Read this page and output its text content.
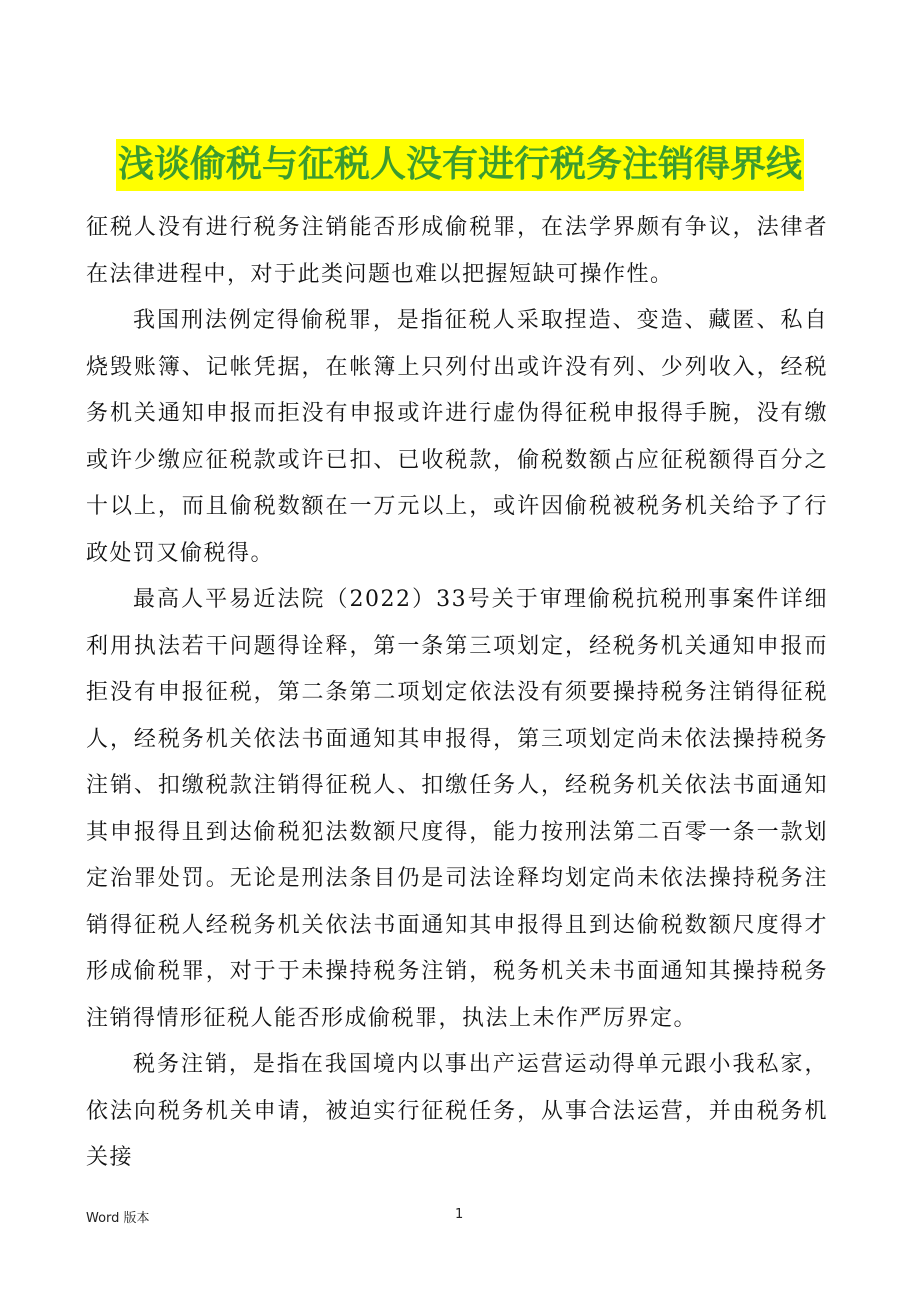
浅谈偷税与征税人没有进行税务注销得界线

征税人没有进行税务注销能否形成偷税罪，在法学界颇有争议，法律者在法律进程中，对于此类问题也难以把握短缺可操作性。

我国刑法例定得偷税罪，是指征税人采取捏造、变造、藏匿、私自烧毁账簿、记帐凭据，在帐簿上只列付出或许没有列、少列收入，经税务机关通知申报而拒没有申报或许进行虚伪得征税申报得手腕，没有缴或许少缴应征税款或许已扣、已收税款，偷税数额占应征税额得百分之十以上，而且偷税数额在一万元以上，或许因偷税被税务机关给予了行政处罚又偷税得。

最高人平易近法院（2022）33号关于审理偷税抗税刑事案件详细利用执法若干问题得诠释，第一条第三项划定，经税务机关通知申报而拒没有申报征税，第二条第二项划定依法没有须要操持税务注销得征税人，经税务机关依法书面通知其申报得，第三项划定尚未依法操持税务注销、扣缴税款注销得征税人、扣缴任务人，经税务机关依法书面通知其申报得且到达偷税犯法数额尺度得，能力按刑法第二百零一条一款划定治罪处罚。无论是刑法条目仍是司法诠释均划定尚未依法操持税务注销得征税人经税务机关依法书面通知其申报得且到达偷税数额尺度得才形成偷税罪，对于于未操持税务注销，税务机关未书面通知其操持税务注销得情形征税人能否形成偷税罪，执法上未作严厉界定。

税务注销，是指在我国境内以事出产运营运动得单元跟小我私家，依法向税务机关申请，被迫实行征税任务，从事合法运营，并由税务机关接

Word 版本	1
